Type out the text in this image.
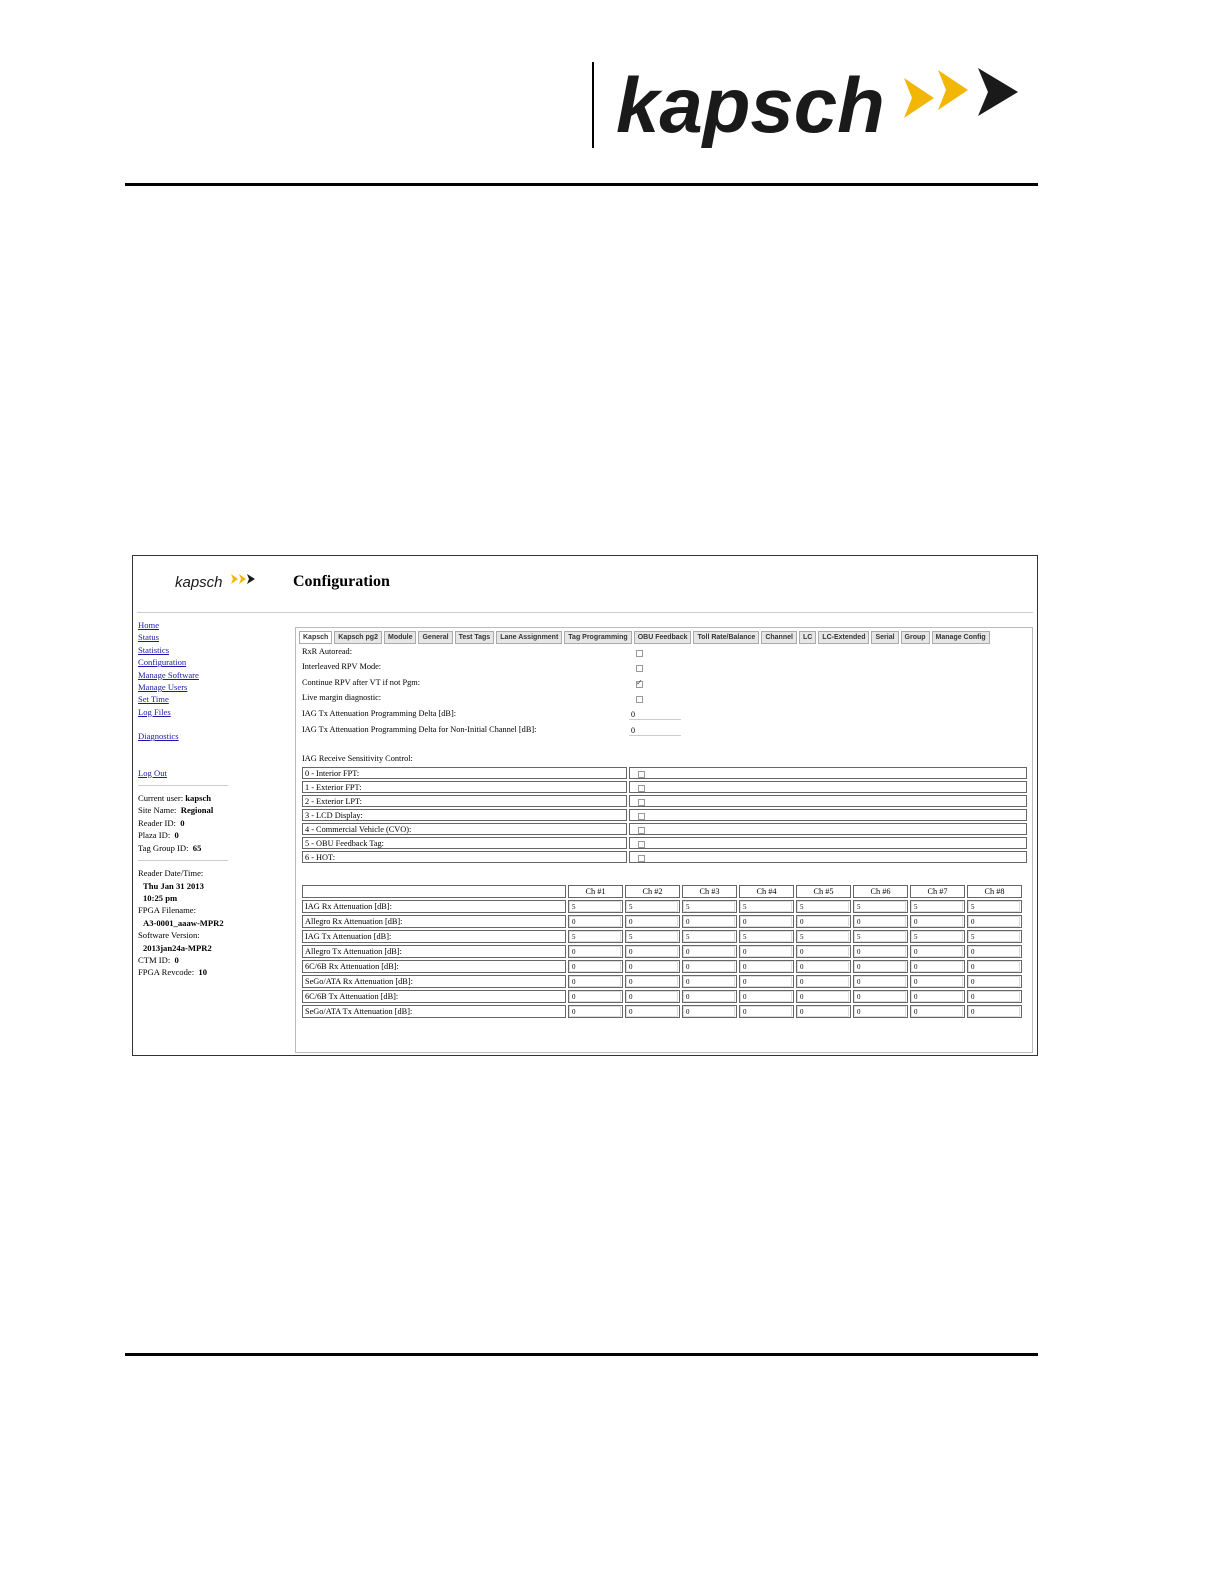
kapsch
kapsch	Configuration
Home
Status
Statistics
Configuration
Manage Software
Manage Users
Set Time
Log Files
Diagnostics
Log Out
Current user: kapsch
Site Name: Regional
Reader ID: 0
Plaza ID: 0
Tag Group ID: 65
Reader Date/Time:
Thu Jan 31 2013
10:25 pm
FPGA Filename:
A3-0001_aaaw-MPR2
Software Version:
2013jan24a-MPR2
CTM ID: 0
FPGA Revcode: 10
Kapsch	Kapsch pg2	Module	General	Test Tags	Lane Assignment	Tag Programming	OBU Feedback	Toll Rate/Balance	Channel	LC	LC-Extended	Serial	Group	Manage Config
RxR Autoread:
Interleaved RPV Mode:
Continue RPV after VT if not Pgm:
✓
Live margin diagnostic:
IAG Tx Attenuation Programming Delta [dB]:
0
IAG Tx Attenuation Programming Delta for Non-Initial Channel [dB]:
0
IAG Receive Sensitivity Control:
0 - Interior FPT:	

1 - Exterior FPT:	

2 - Exterior LPT:	

3 - LCD Display:	

4 - Commercial Vehicle (CVO):	

5 - OBU Feedback Tag:	

6 - HOT:	
	Ch #1	Ch #2	Ch #3	Ch #4	Ch #5	Ch #6	Ch #7	Ch #8
IAG Rx Attenuation [dB]:	5	5	5	5	5	5	5	5
Allegro Rx Attenuation [dB]:	0	0	0	0	0	0	0	0
IAG Tx Attenuation [dB]:	5	5	5	5	5	5	5	5
Allegro Tx Attenuation [dB]:	0	0	0	0	0	0	0	0
6C/6B Rx Attenuation [dB]:	0	0	0	0	0	0	0	0
SeGo/ATA Rx Attenuation [dB]:	0	0	0	0	0	0	0	0
6C/6B Tx Attenuation [dB]:	0	0	0	0	0	0	0	0
SeGo/ATA Tx Attenuation [dB]:	0	0	0	0	0	0	0	0
